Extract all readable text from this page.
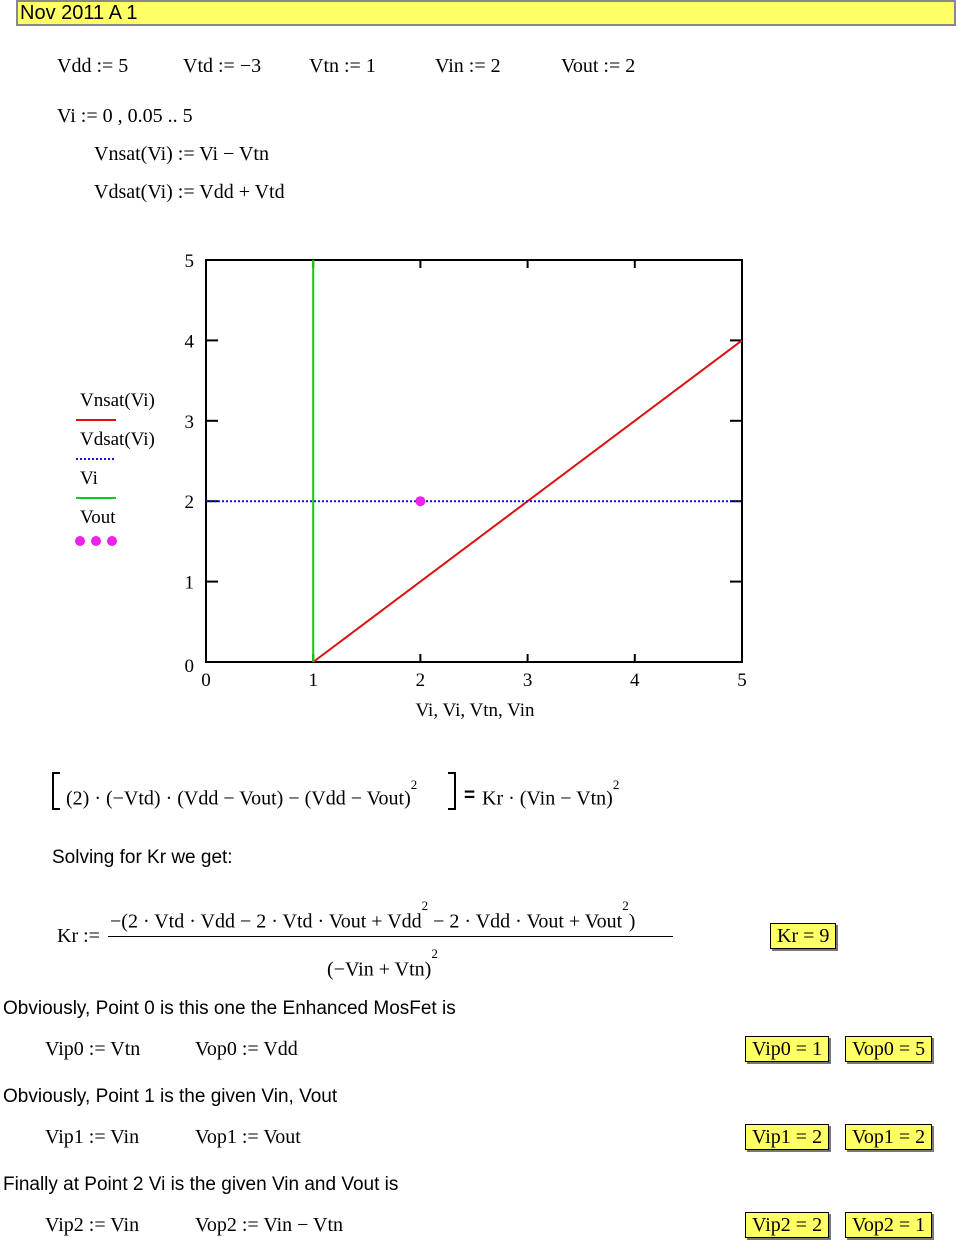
Nov 2011 A 1
Vdd := 5	Vtd := −3 Vtn := 1	Vin := 2	Vout := 2
Vi := 0 , 0.05 .. 5
Vnsat(Vi) := Vi − Vtn
Vdsat(Vi) := Vdd + Vtd
0	1	2	3	4	5
0
1
2
3
4
5
Vnsat(Vi)
Vdsat(Vi)
Vi
Vout
Vi, Vi, Vtn, Vin
(2) · (−Vtd) · (Vdd − Vout) − (Vdd − Vout)$^2$
= Kr · (Vin − Vtn)$^2$
Solving for Kr we get:
Kr :=
−(2 · Vtd · Vdd − 2 · Vtd · Vout + Vdd$^2$ − 2 · Vdd · Vout + Vout$^2$)
(−Vin + Vtn)$^2$
Kr = 9
Obviously, Point 0 is this one the Enhanced MosFet is
Vip0 := Vtn	Vop0 := Vdd	Vip0 = 1	Vop0 = 5
Obviously, Point 1 is the given Vin, Vout
Vip1 := Vin	Vop1 := Vout	Vip1 = 2	Vop1 = 2
Finally at Point 2 Vi is the given Vin and Vout is
Vip2 := Vin	Vop2 := Vin − Vtn	Vip2 = 2	Vop2 = 1
